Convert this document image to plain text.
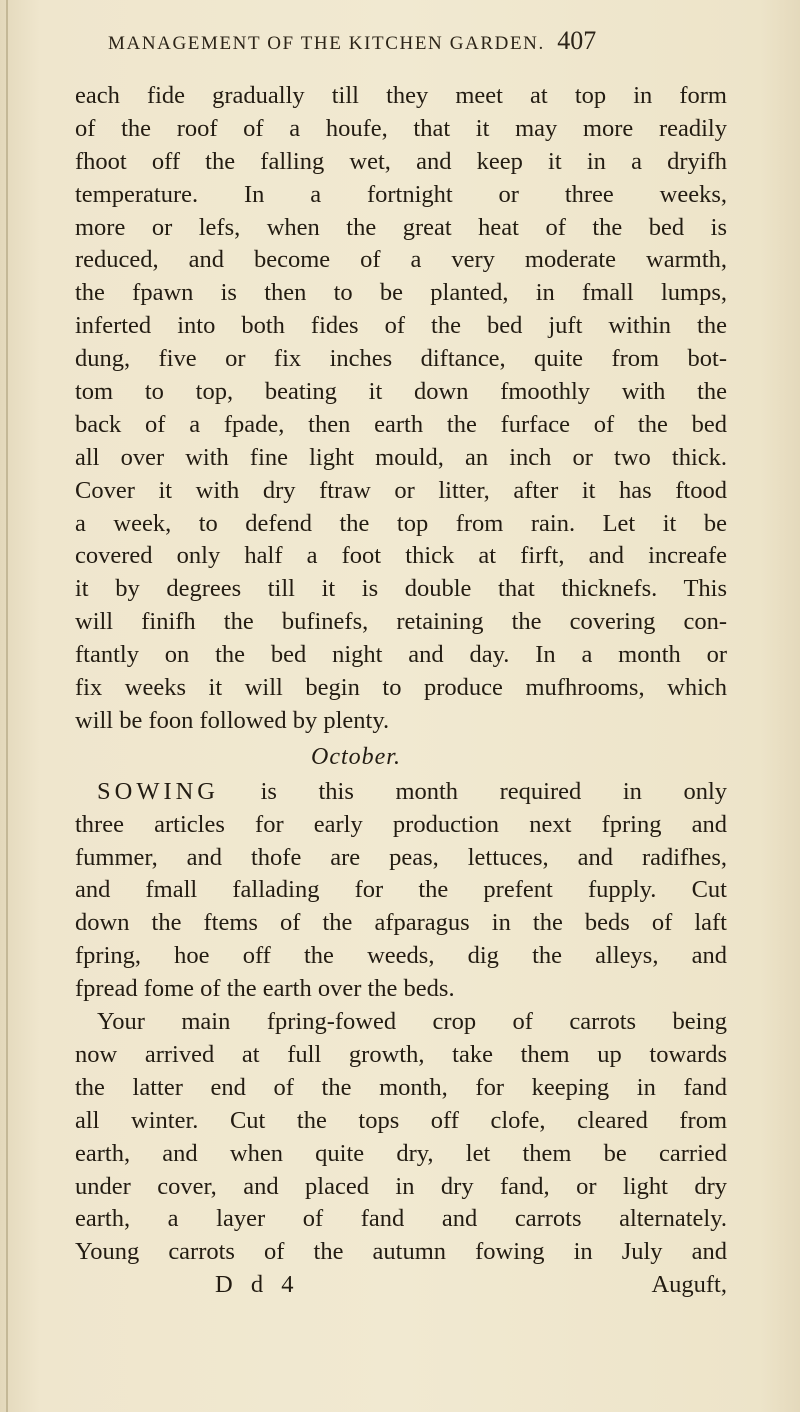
MANAGEMENT OF THE KITCHEN GARDEN. 407
each fide gradually till they meet at top in form
of the roof of a houfe, that it may more readily
fhoot off the falling wet, and keep it in a dryifh
temperature. In a fortnight or three weeks,
more or lefs, when the great heat of the bed is
reduced, and become of a very moderate warmth,
the fpawn is then to be planted, in fmall lumps,
inferted into both fides of the bed juft within the
dung, five or fix inches diftance, quite from bot-
tom to top, beating it down fmoothly with the
back of a fpade, then earth the furface of the bed
all over with fine light mould, an inch or two thick.
Cover it with dry ftraw or litter, after it has ftood
a week, to defend the top from rain. Let it be
covered only half a foot thick at firft, and increafe
it by degrees till it is double that thicknefs. This
will finifh the bufinefs, retaining the covering con-
ftantly on the bed night and day. In a month or
fix weeks it will begin to produce mufhrooms, which
will be foon followed by plenty.
October.
SOWING is this month required in only
three articles for early production next fpring and
fummer, and thofe are peas, lettuces, and radifhes,
and fmall fallading for the prefent fupply. Cut
down the ftems of the afparagus in the beds of laft
fpring, hoe off the weeds, dig the alleys, and
fpread fome of the earth over the beds.
Your main fpring-fowed crop of carrots being
now arrived at full growth, take them up towards
the latter end of the month, for keeping in fand
all winter. Cut the tops off clofe, cleared from
earth, and when quite dry, let them be carried
under cover, and placed in dry fand, or light dry
earth, a layer of fand and carrots alternately.
Young carrots of the autumn fowing in July and
D d 4	Auguft,
